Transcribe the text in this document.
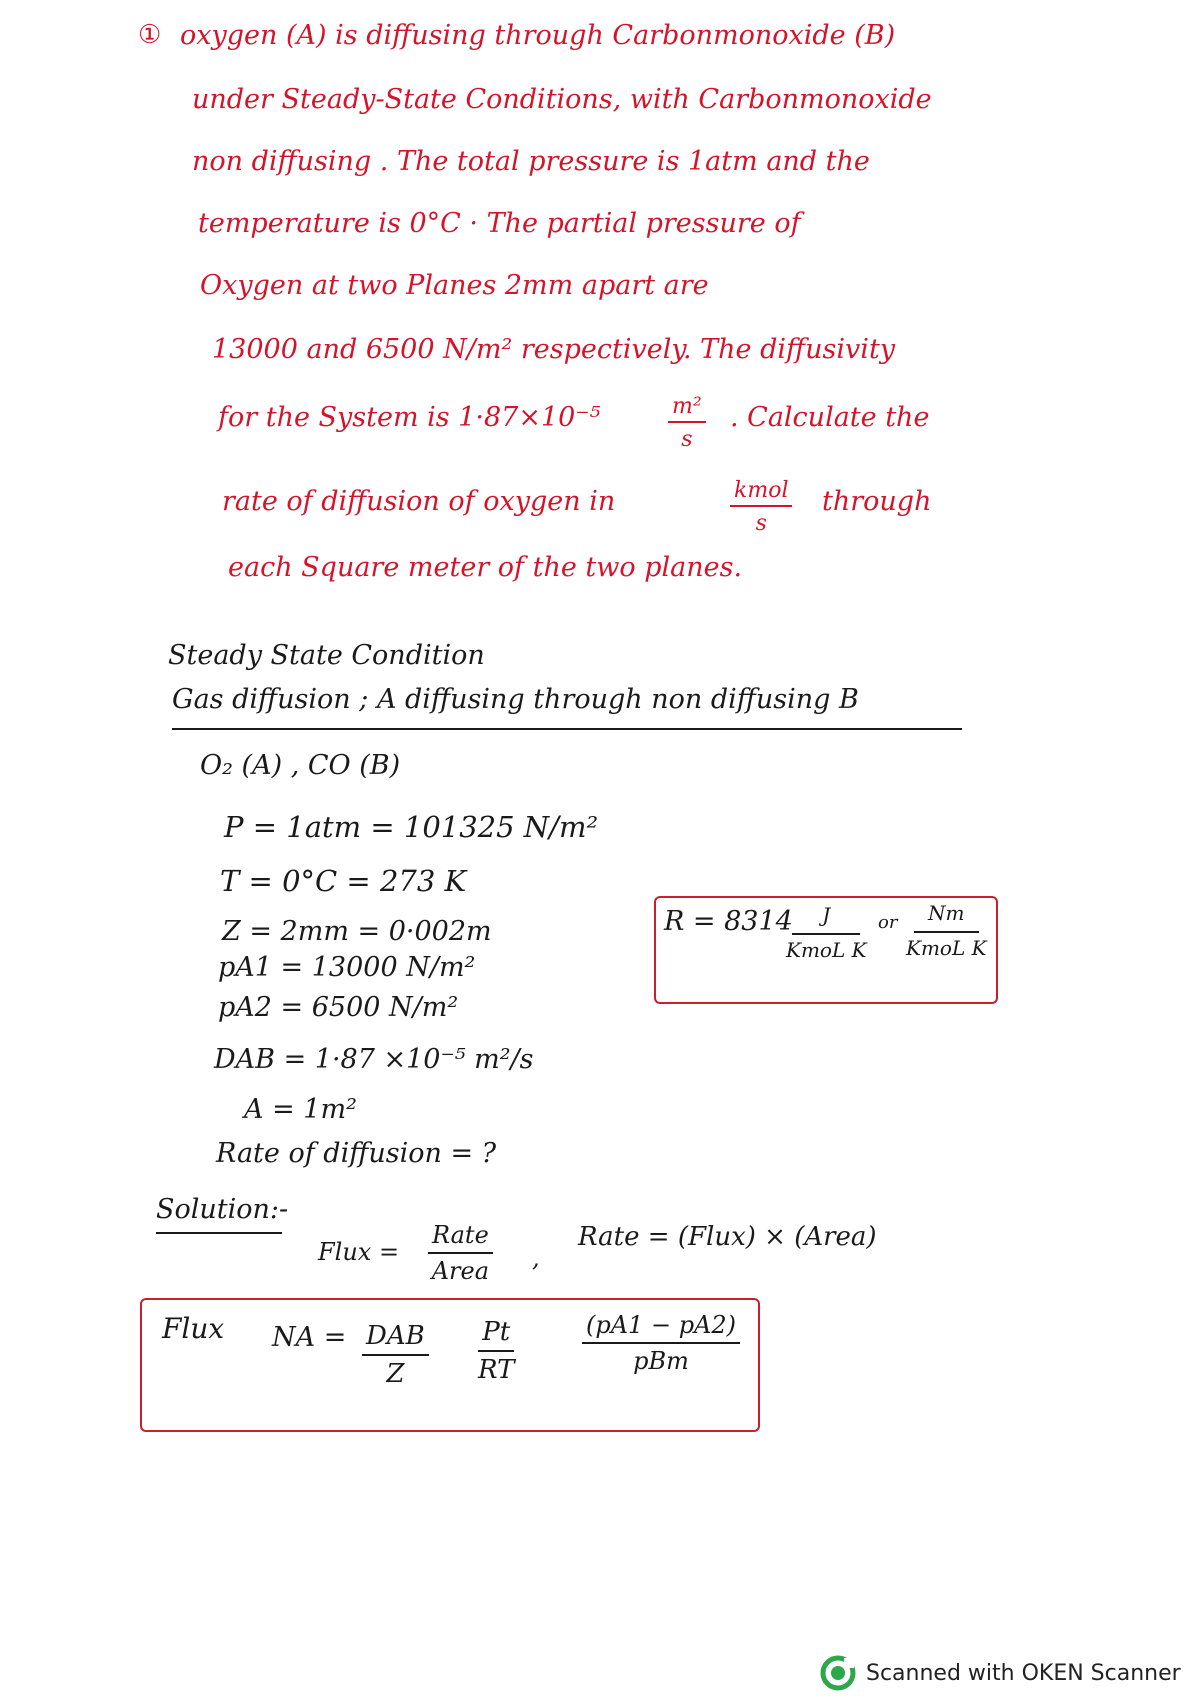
① oxygen (A) is diffusing through Carbonmonoxide (B)
under Steady-State Conditions, with Carbonmonoxide
non diffusing . The total pressure is 1atm and the
temperature is 0°C · The partial pressure of
Oxygen at two Planes 2mm apart are
13000 and 6500 N/m² respectively. The diffusivity
for the System is 1·87×10⁻⁵	$\frac{\text{m²}}{s}$ . Calculate the
rate of diffusion of oxygen in	kmol
s
through
each Square meter of the two planes.
Steady State Condition
Gas diffusion ; A diffusing through non diffusing B
O₂ (A) , CO (B)
P = 1atm = 101325 N/m²
T = 0°C = 273 K
Z = 2mm = 0·002m
pA1 = 13000 N/m²
pA2 = 6500 N/m²
DAB = 1·87 ×10⁻⁵ m²/s
A = 1m²
Rate of diffusion = ?
R = 8314	J
KmoL K
or	Nm
KmoL K
Solution:-
Flux =
Rate
Area ,
Rate = (Flux) × (Area)
Flux NA = DAB
Z	$\frac{Pt}{RT}$	(pA1 − pA2)
pBm
Scanned with OKEN Scanner
